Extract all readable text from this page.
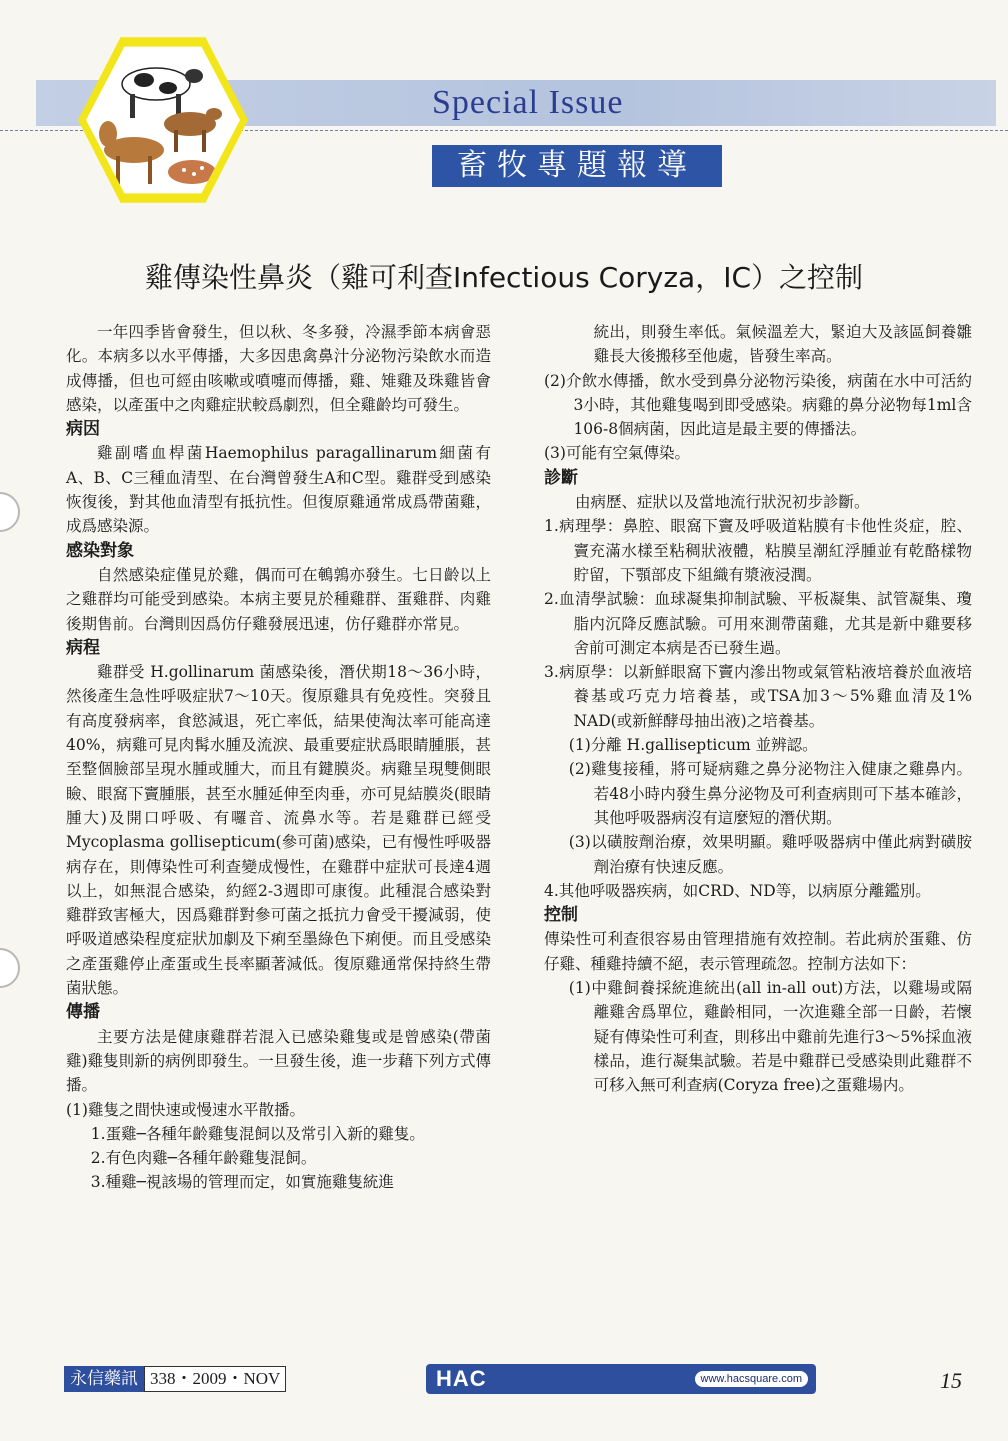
Special Issue
畜牧專題報導
雞傳染性鼻炎（雞可利查Infectious Coryza，IC）之控制

一年四季皆會發生，但以秋、冬多發，冷濕季節本病會惡化。本病多以水平傳播，大多因患禽鼻汁分泌物污染飲水而造成傳播，但也可經由咳嗽或噴嚏而傳播，雞、雉雞及珠雞皆會感染，以產蛋中之肉雞症狀較爲劇烈，但全雞齡均可發生。

病因

雞副嗜血桿菌Haemophilus paragallinarum細菌有A、B、C三種血清型、在台灣曾發生A和C型。雞群受到感染恢復後，對其他血清型有抵抗性。但復原雞通常成爲帶菌雞，成爲感染源。

感染對象

自然感染症僅見於雞，偶而可在鵪鶉亦發生。七日齡以上之雞群均可能受到感染。本病主要見於種雞群、蛋雞群、肉雞後期售前。台灣則因爲仿仔雞發展迅速，仿仔雞群亦常見。

病程

雞群受 H.gollinarum 菌感染後，潛伏期18～36小時，然後產生急性呼吸症狀7～10天。復原雞具有免疫性。突發且有高度發病率，食慾減退，死亡率低，結果使淘汰率可能高達40%，病雞可見肉髯水腫及流淚、最重要症狀爲眼睛腫脹，甚至整個臉部呈現水腫或腫大，而且有鍵膜炎。病雞呈現雙側眼瞼、眼窩下竇腫脹，甚至水腫延伸至肉垂，亦可見結膜炎(眼睛腫大)及開口呼吸、有囉音、流鼻水等。若是雞群已經受Mycoplasma gollisepticum(參可菌)感染，已有慢性呼吸器病存在，則傳染性可利查變成慢性，在雞群中症狀可長達4週以上，如無混合感染，約經2-3週即可康復。此種混合感染對雞群致害極大，因爲雞群對參可菌之抵抗力會受干擾減弱，使呼吸道感染程度症狀加劇及下痢至墨綠色下痢便。而且受感染之產蛋雞停止產蛋或生長率顯著減低。復原雞通常保持終生帶菌狀態。

傳播

主要方法是健康雞群若混入已感染雞隻或是曾感染(帶菌雞)雞隻則新的病例即發生。一旦發生後，進一步藉下列方式傳播。

(1)雞隻之間快速或慢速水平散播。

1.蛋雞─各種年齡雞隻混飼以及常引入新的雞隻。

2.有色肉雞─各種年齡雞隻混飼。

3.種雞─視該場的管理而定，如實施雞隻統進

統出，則發生率低。氣候溫差大，緊迫大及該區飼養雛雞長大後搬移至他處，皆發生率高。

(2)介飲水傳播，飲水受到鼻分泌物污染後，病菌在水中可活約3小時，其他雞隻喝到即受感染。病雞的鼻分泌物每1ml含106-8個病菌，因此這是最主要的傳播法。

(3)可能有空氣傳染。

診斷

由病歷、症狀以及當地流行狀況初步診斷。

1.病理學：鼻腔、眼窩下竇及呼吸道粘膜有卡他性炎症，腔、竇充滿水樣至粘稠狀液體，粘膜呈潮紅浮腫並有乾酪樣物貯留，下顎部皮下組織有漿液浸潤。

2.血清學試驗：血球凝集抑制試驗、平板凝集、試管凝集、瓊脂内沉降反應試驗。可用來測帶菌雞，尤其是新中雞要移舍前可測定本病是否已發生過。

3.病原學：以新鮮眼窩下竇内滲出物或氣管粘液培養於血液培養基或巧克力培養基，或TSA加3～5%雞血清及1% NAD(或新鮮酵母抽出液)之培養基。

(1)分離 H.gallisepticum 並辨認。

(2)雞隻接種，將可疑病雞之鼻分泌物注入健康之雞鼻内。若48小時内發生鼻分泌物及可利查病則可下基本確診，其他呼吸器病沒有這麼短的潛伏期。

(3)以磺胺劑治療，效果明顯。雞呼吸器病中僅此病對磺胺劑治療有快速反應。

4.其他呼吸器疾病，如CRD、ND等，以病原分離鑑別。

控制

傳染性可利查很容易由管理措施有效控制。若此病於蛋雞、仿仔雞、種雞持續不絕，表示管理疏忽。控制方法如下：

(1)中雞飼養採統進統出(all in-all out)方法，以雞場或隔離雞舍爲單位，雞齡相同，一次進雞全部一日齡，若懷疑有傳染性可利查，則移出中雞前先進行3～5%採血液樣品，進行凝集試驗。若是中雞群已受感染則此雞群不可移入無可利查病(Coryza free)之蛋雞場内。

永信藥訊 338・2009・NOV	HAC	www.hacsquare.com	15
